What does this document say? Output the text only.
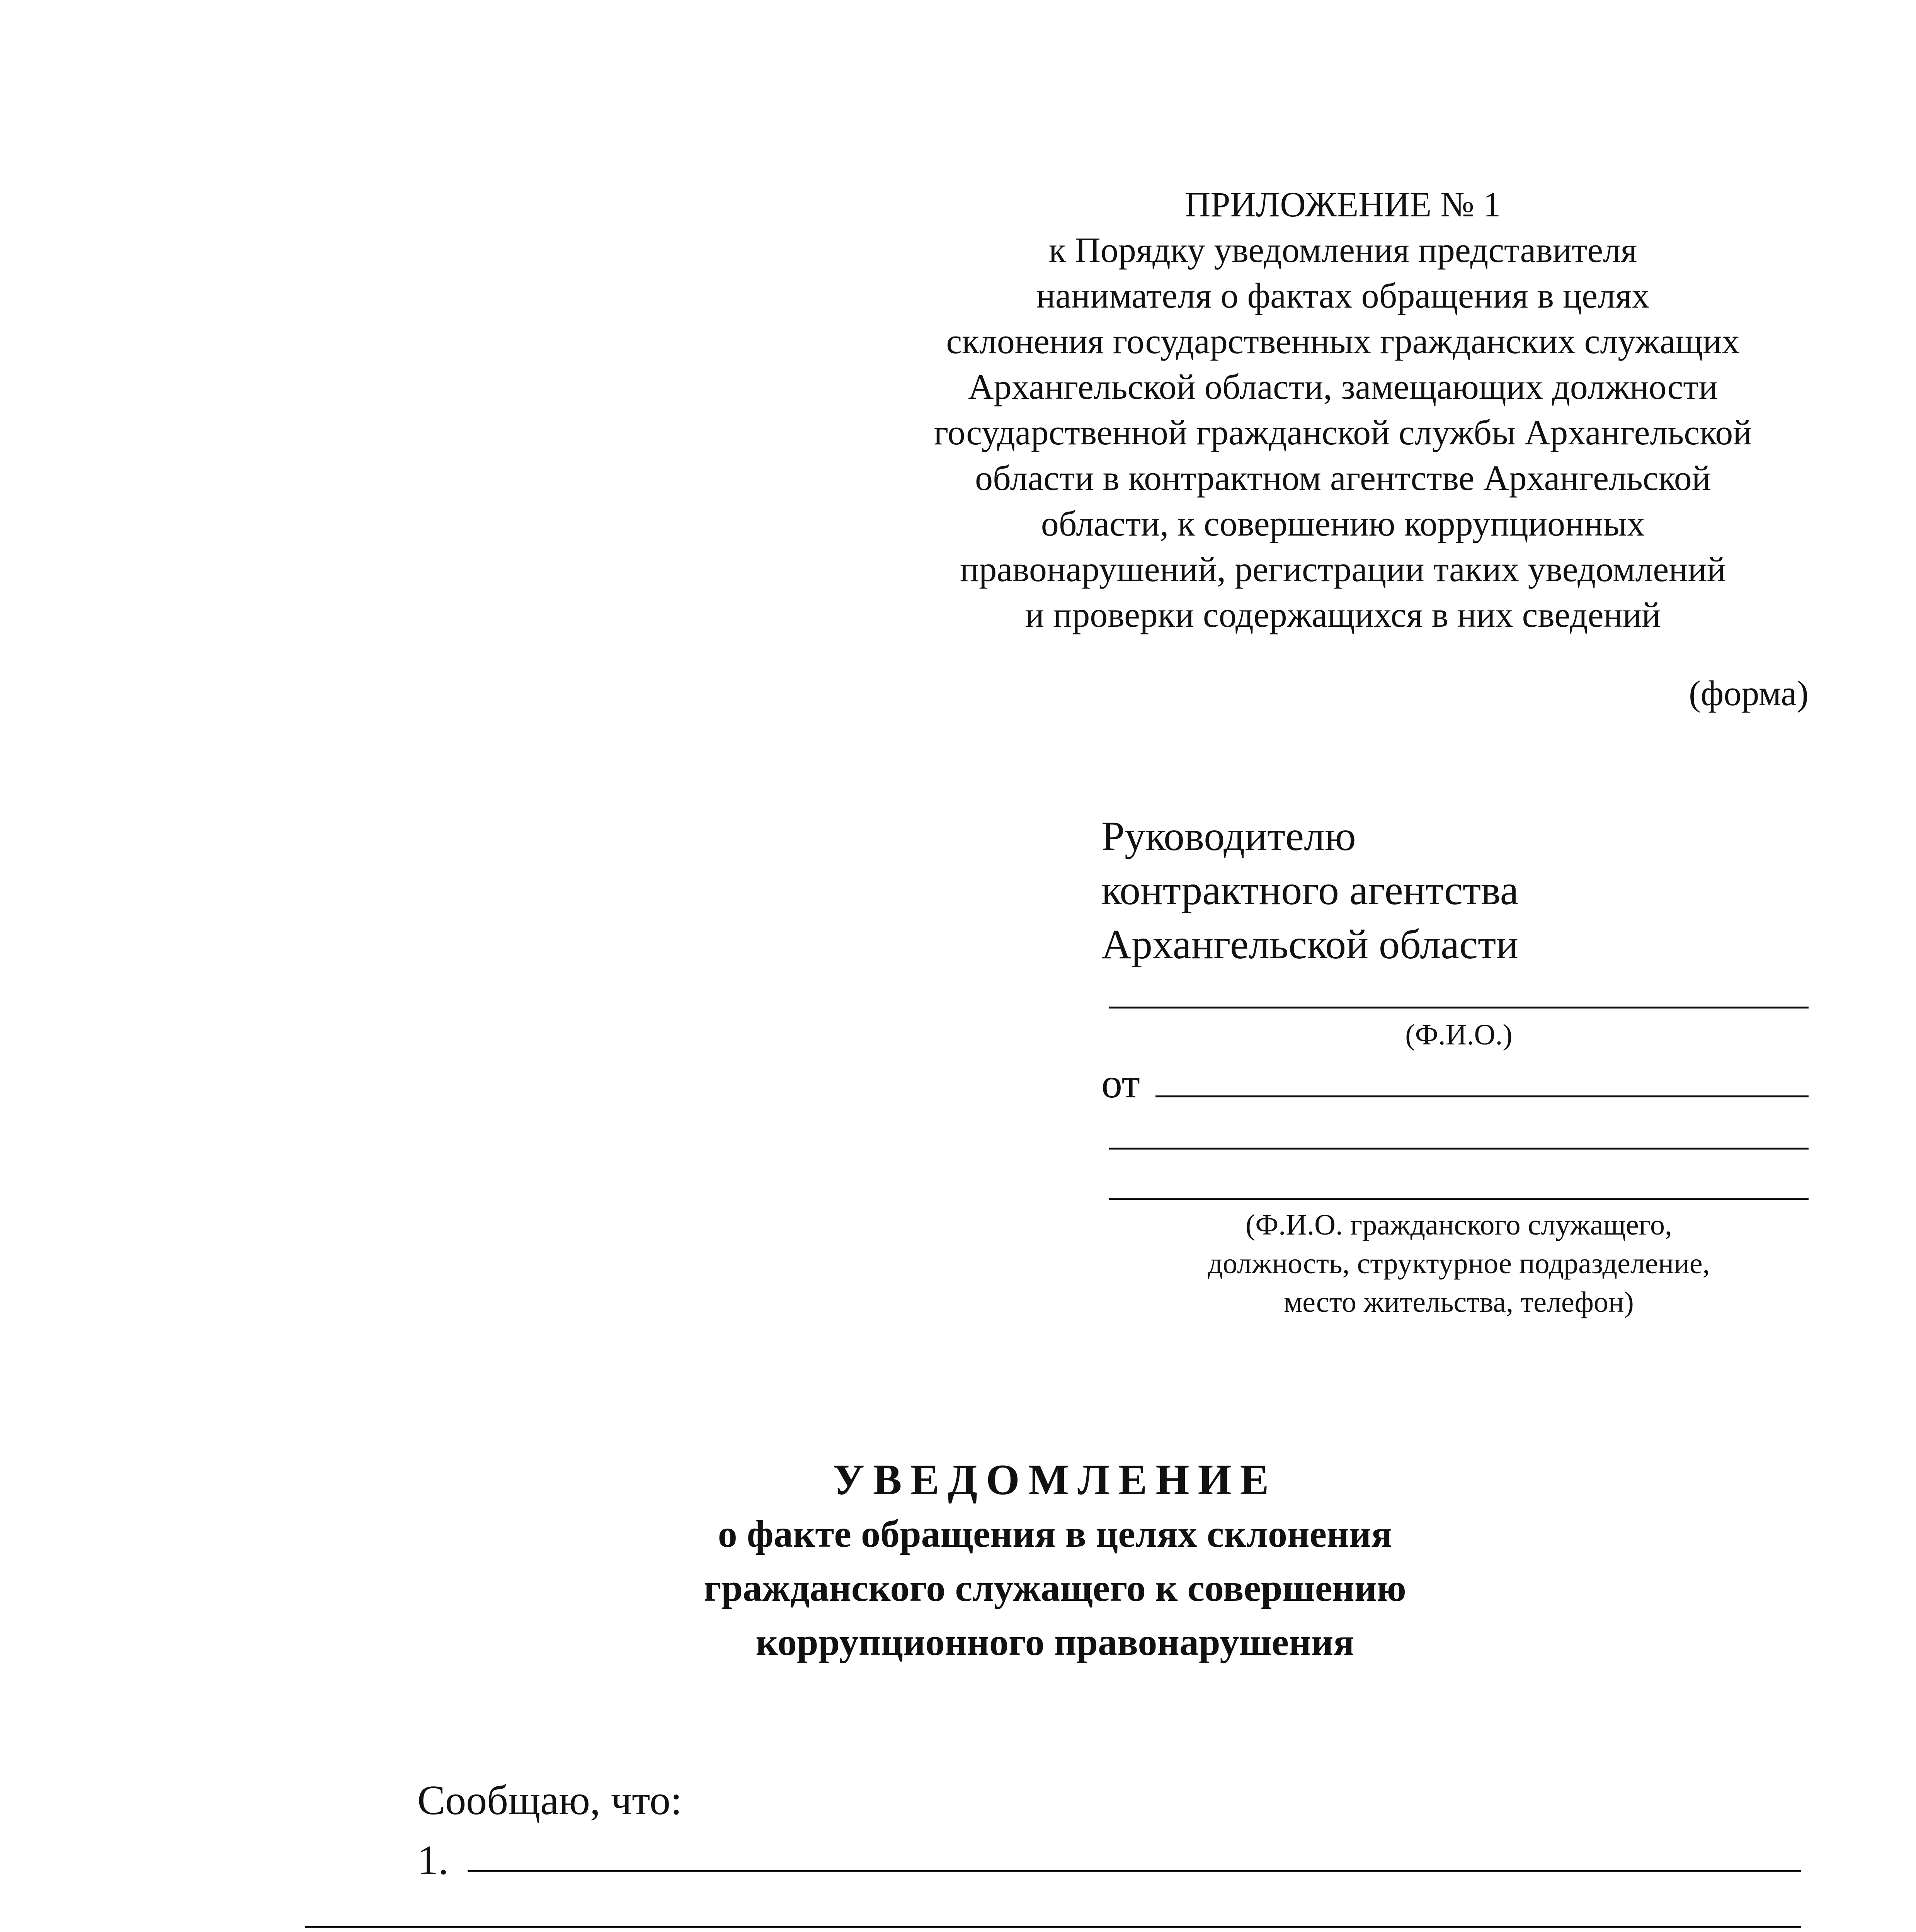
ПРИЛОЖЕНИЕ № 1
к Порядку уведомления представителя
нанимателя о фактах обращения в целях
склонения государственных гражданских служащих
Архангельской области, замещающих должности
государственной гражданской службы Архангельской
области в контрактном агентстве Архангельской
области, к совершению коррупционных
правонарушений, регистрации таких уведомлений
и проверки содержащихся в них сведений
(форма)
Руководителю
контрактного агентства
Архангельской области
(Ф.И.О.)
от
(Ф.И.О. гражданского служащего,
должность, структурное подразделение,
место жительства, телефон)
УВЕДОМЛЕНИЕ
о факте обращения в целях склонения
гражданского служащего к совершению
коррупционного правонарушения
Сообщаю, что:
1.
